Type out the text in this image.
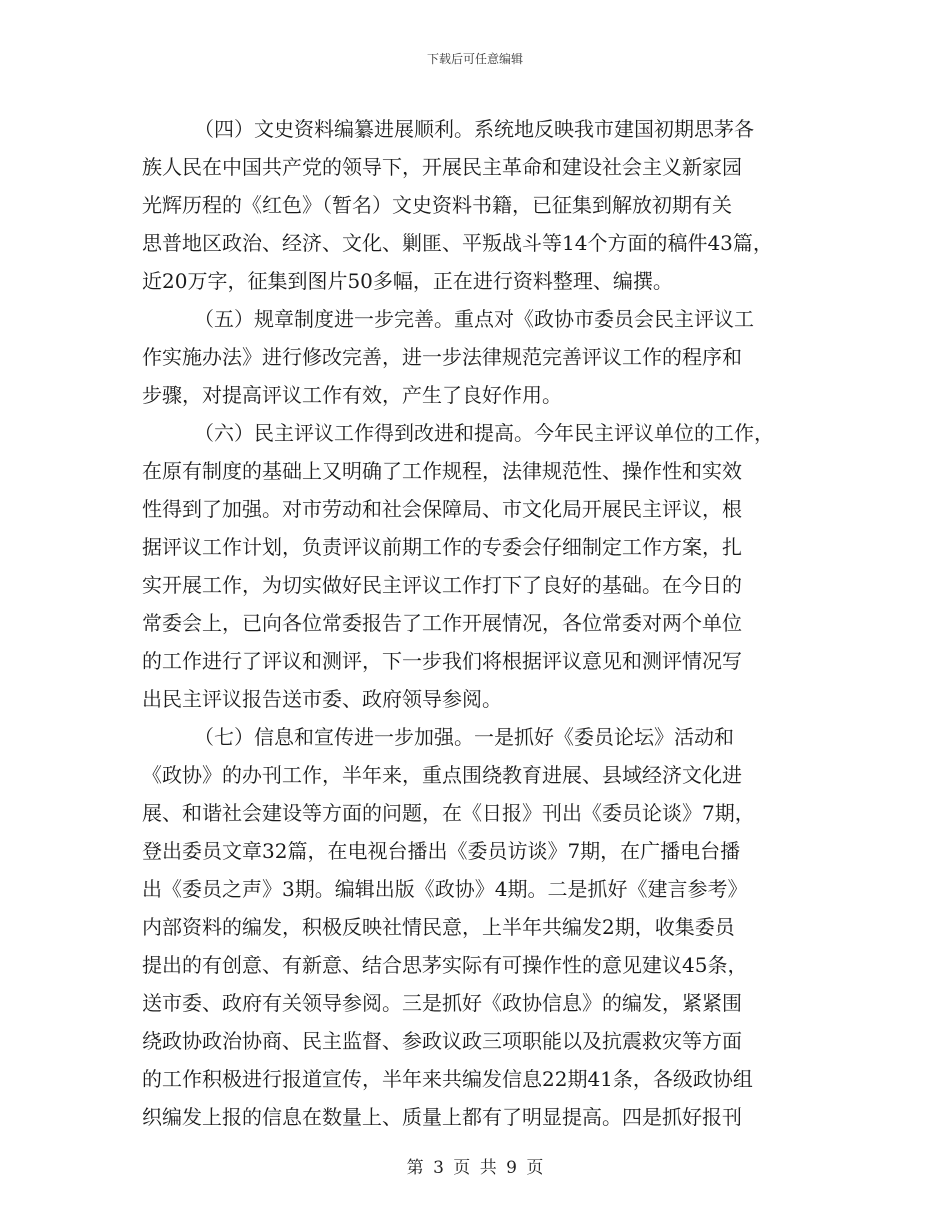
下载后可任意编辑
（四）文史资料编纂进展顺利。系统地反映我市建国初期思茅各
族人民在中国共产党的领导下，开展民主革命和建设社会主义新家园
光辉历程的《红色》（暂名）文史资料书籍，已征集到解放初期有关
思普地区政治、经济、文化、剿匪、平叛战斗等14个方面的稿件43篇，
近20万字，征集到图片50多幅，正在进行资料整理、编撰。
（五）规章制度进一步完善。重点对《政协市委员会民主评议工
作实施办法》进行修改完善，进一步法律规范完善评议工作的程序和
步骤，对提高评议工作有效，产生了良好作用。
（六）民主评议工作得到改进和提高。今年民主评议单位的工作，
在原有制度的基础上又明确了工作规程，法律规范性、操作性和实效
性得到了加强。对市劳动和社会保障局、市文化局开展民主评议，根
据评议工作计划，负责评议前期工作的专委会仔细制定工作方案，扎
实开展工作，为切实做好民主评议工作打下了良好的基础。在今日的
常委会上，已向各位常委报告了工作开展情况，各位常委对两个单位
的工作进行了评议和测评，下一步我们将根据评议意见和测评情况写
出民主评议报告送市委、政府领导参阅。
（七）信息和宣传进一步加强。一是抓好《委员论坛》活动和
《政协》的办刊工作，半年来，重点围绕教育进展、县域经济文化进
展、和谐社会建设等方面的问题，在《日报》刊出《委员论谈》7期，
登出委员文章32篇，在电视台播出《委员访谈》7期，在广播电台播
出《委员之声》3期。编辑出版《政协》4期。二是抓好《建言参考》
内部资料的编发，积极反映社情民意，上半年共编发2期，收集委员
提出的有创意、有新意、结合思茅实际有可操作性的意见建议45条，
送市委、政府有关领导参阅。三是抓好《政协信息》的编发，紧紧围
绕政协政治协商、民主监督、参政议政三项职能以及抗震救灾等方面
的工作积极进行报道宣传，半年来共编发信息22期41条，各级政协组
织编发上报的信息在数量上、质量上都有了明显提高。四是抓好报刊
第 3 页 共 9 页
